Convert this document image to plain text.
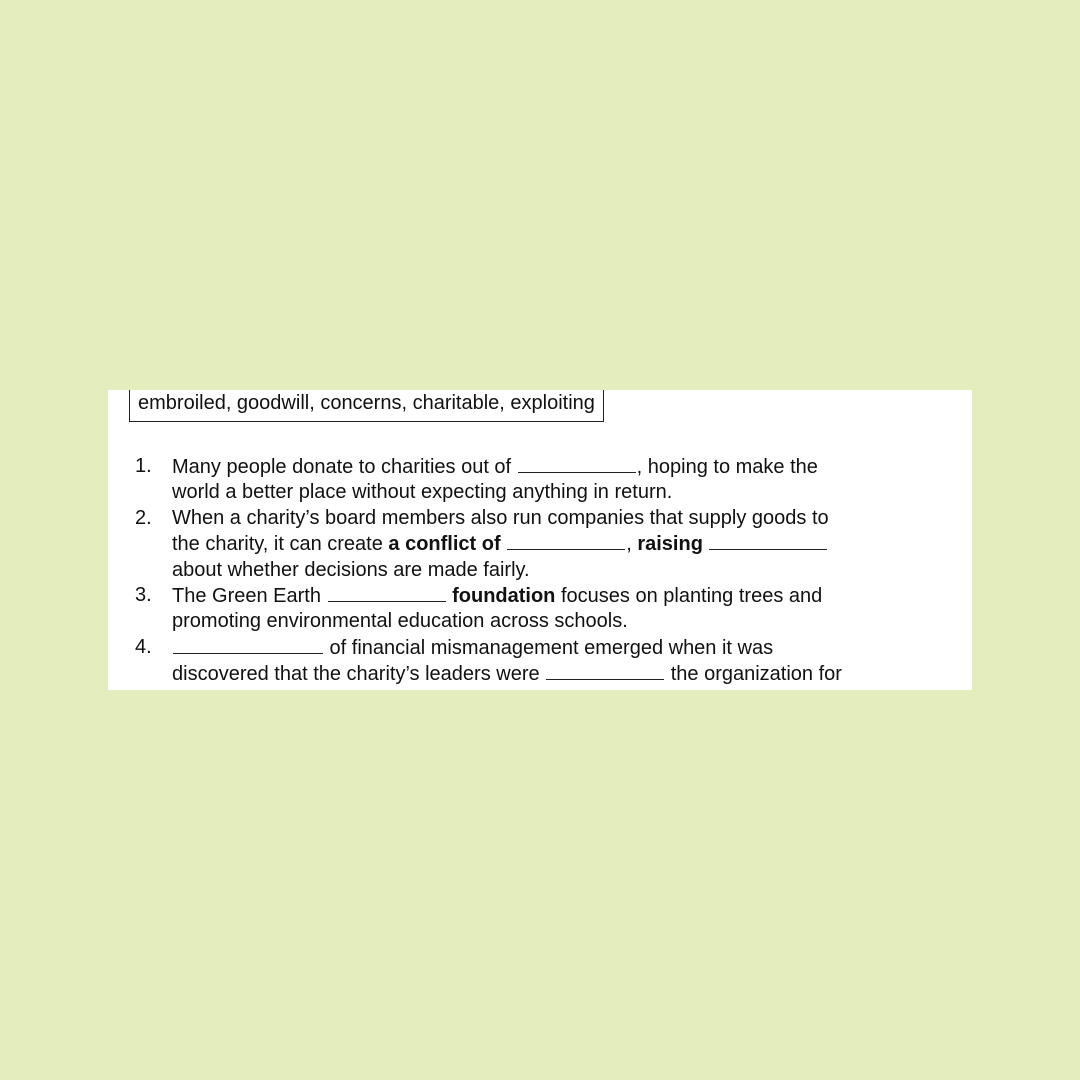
embroiled, goodwill, concerns, charitable, exploiting
1. Many people donate to charities out of	, hoping to make the
world a better place without expecting anything in return.
2. When a charity’s board members also run companies that supply goods to
the charity, it can create a conflict of	, raising
about whether decisions are made fairly.
3. The Green Earth	foundation focuses on planting trees and
promoting environmental education across schools.
4.	of financial mismanagement emerged when it was
discovered that the charity’s leaders were	the organization for
